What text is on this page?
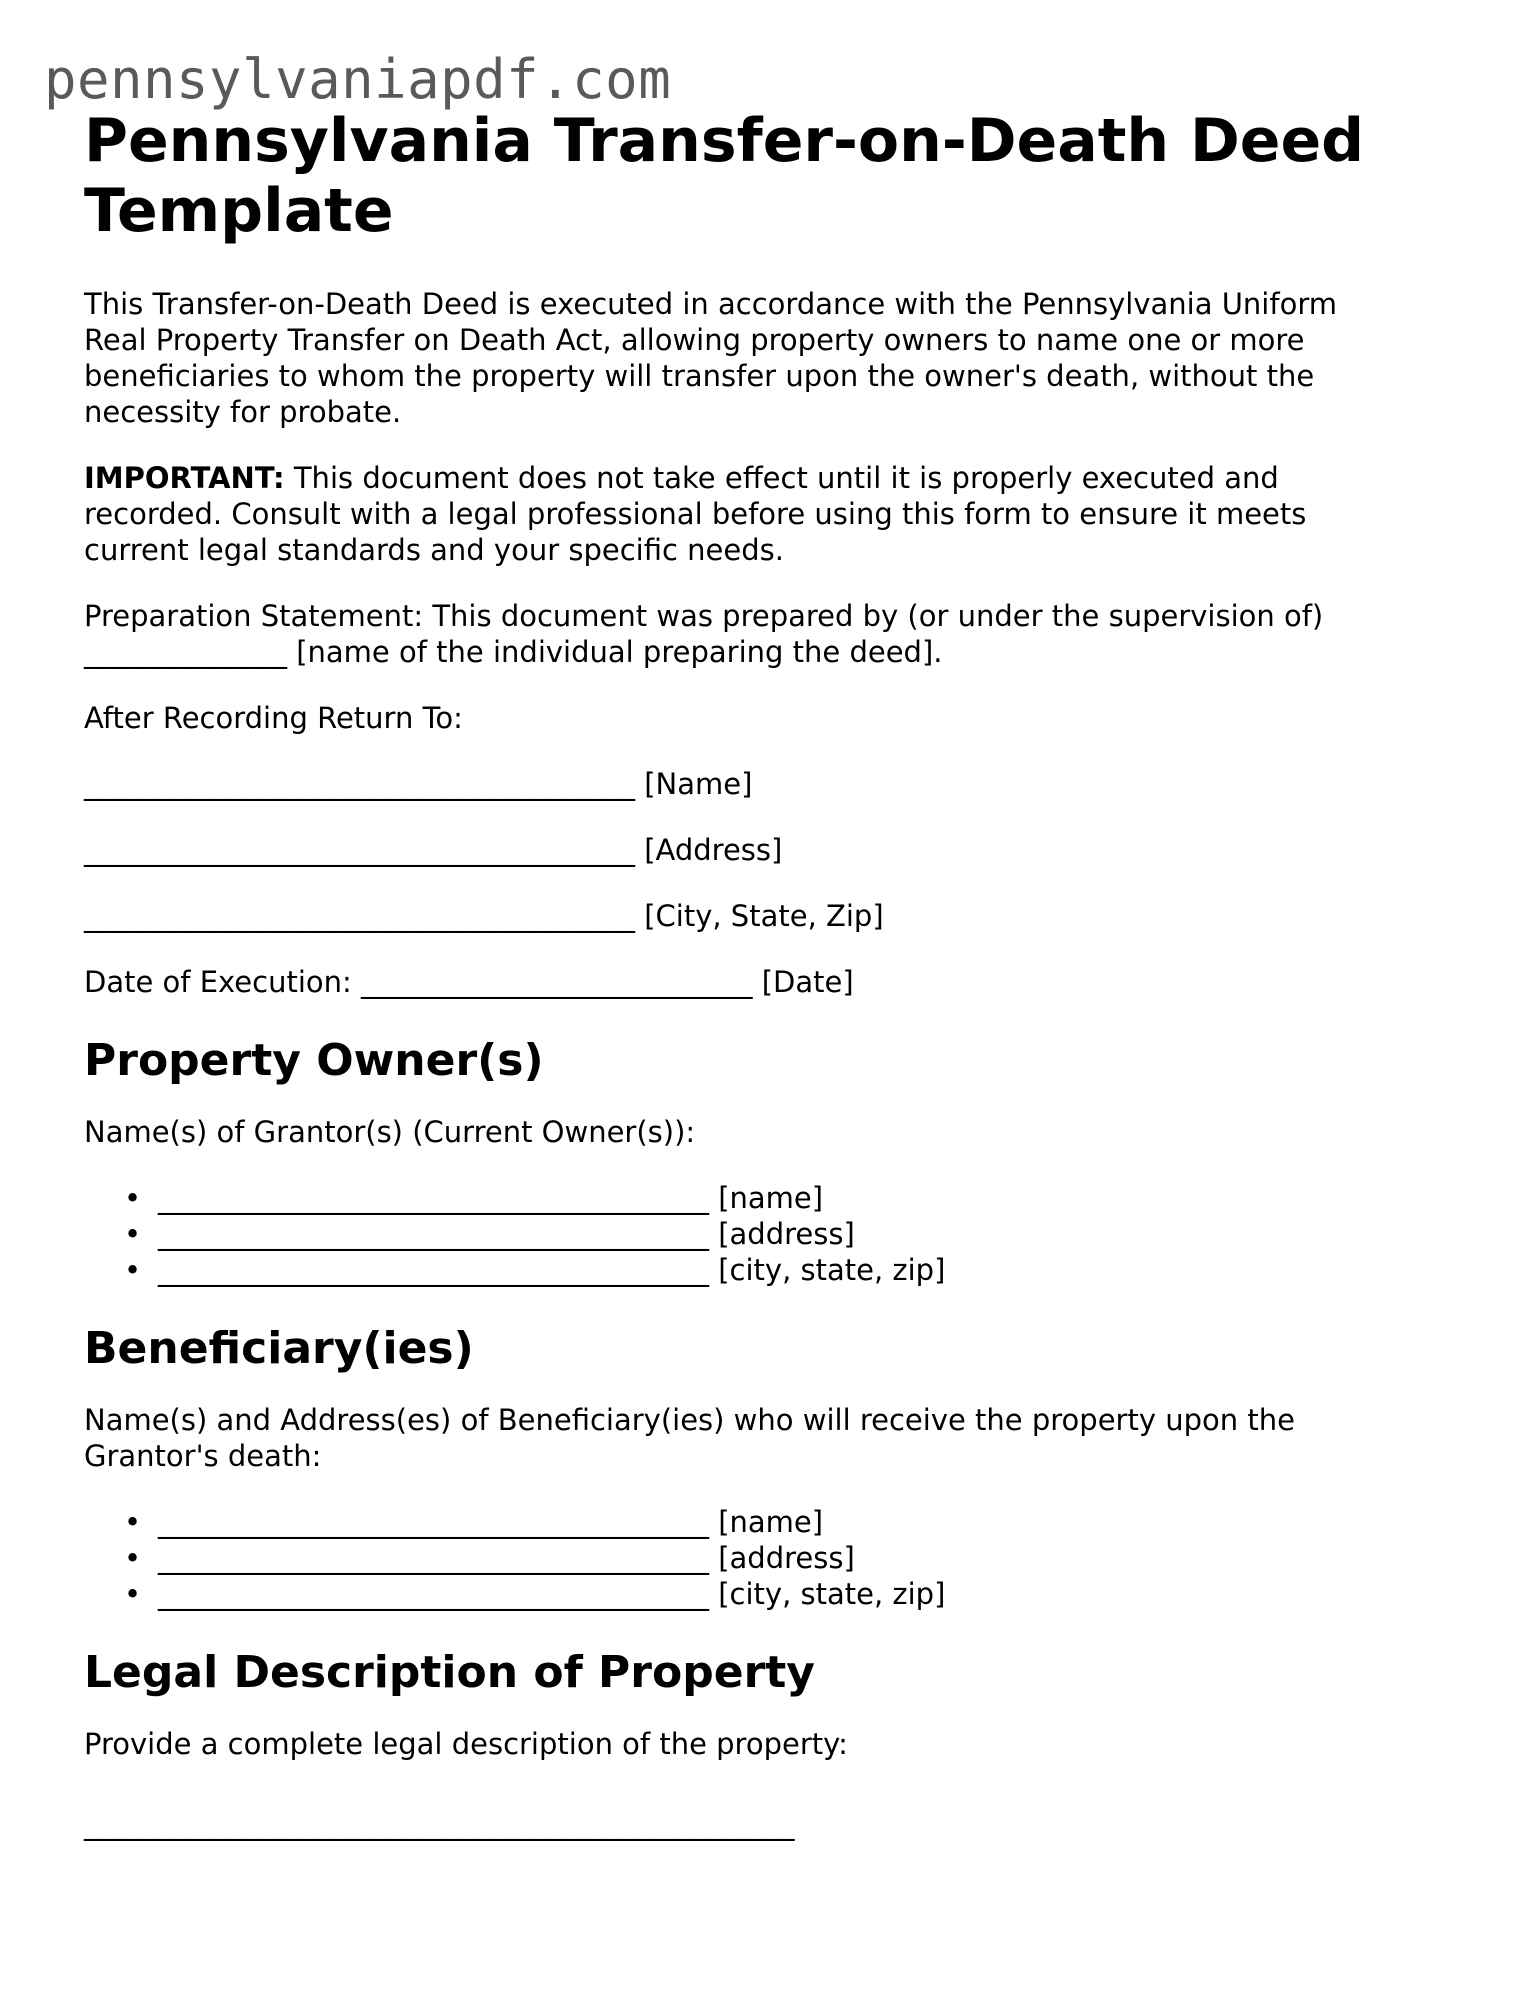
pennsylvaniapdf.com
Pennsylvania Transfer-on-Death Deed Template

This Transfer-on-Death Deed is executed in accordance with the Pennsylvania Uniform Real Property Transfer on Death Act, allowing property owners to name one or more beneficiaries to whom the property will transfer upon the owner's death, without the necessity for probate.

IMPORTANT: This document does not take effect until it is properly executed and recorded. Consult with a legal professional before using this form to ensure it meets current legal standards and your specific needs.

Preparation Statement: This document was prepared by (or under the supervision of)
______________ [name of the individual preparing the deed].

After Recording Return To:

______________________________________ [Name]

______________________________________ [Address]

______________________________________ [City, State, Zip]

Date of Execution: ___________________________ [Date]

Property Owner(s)

Name(s) of Grantor(s) (Current Owner(s)):

• ______________________________________ [name]
• ______________________________________ [address]
• ______________________________________ [city, state, zip]
Beneficiary(ies)

Name(s) and Address(es) of Beneficiary(ies) who will receive the property upon the Grantor's death:

• ______________________________________ [name]
• ______________________________________ [address]
• ______________________________________ [city, state, zip]
Legal Description of Property

Provide a complete legal description of the property:

_________________________________________________
